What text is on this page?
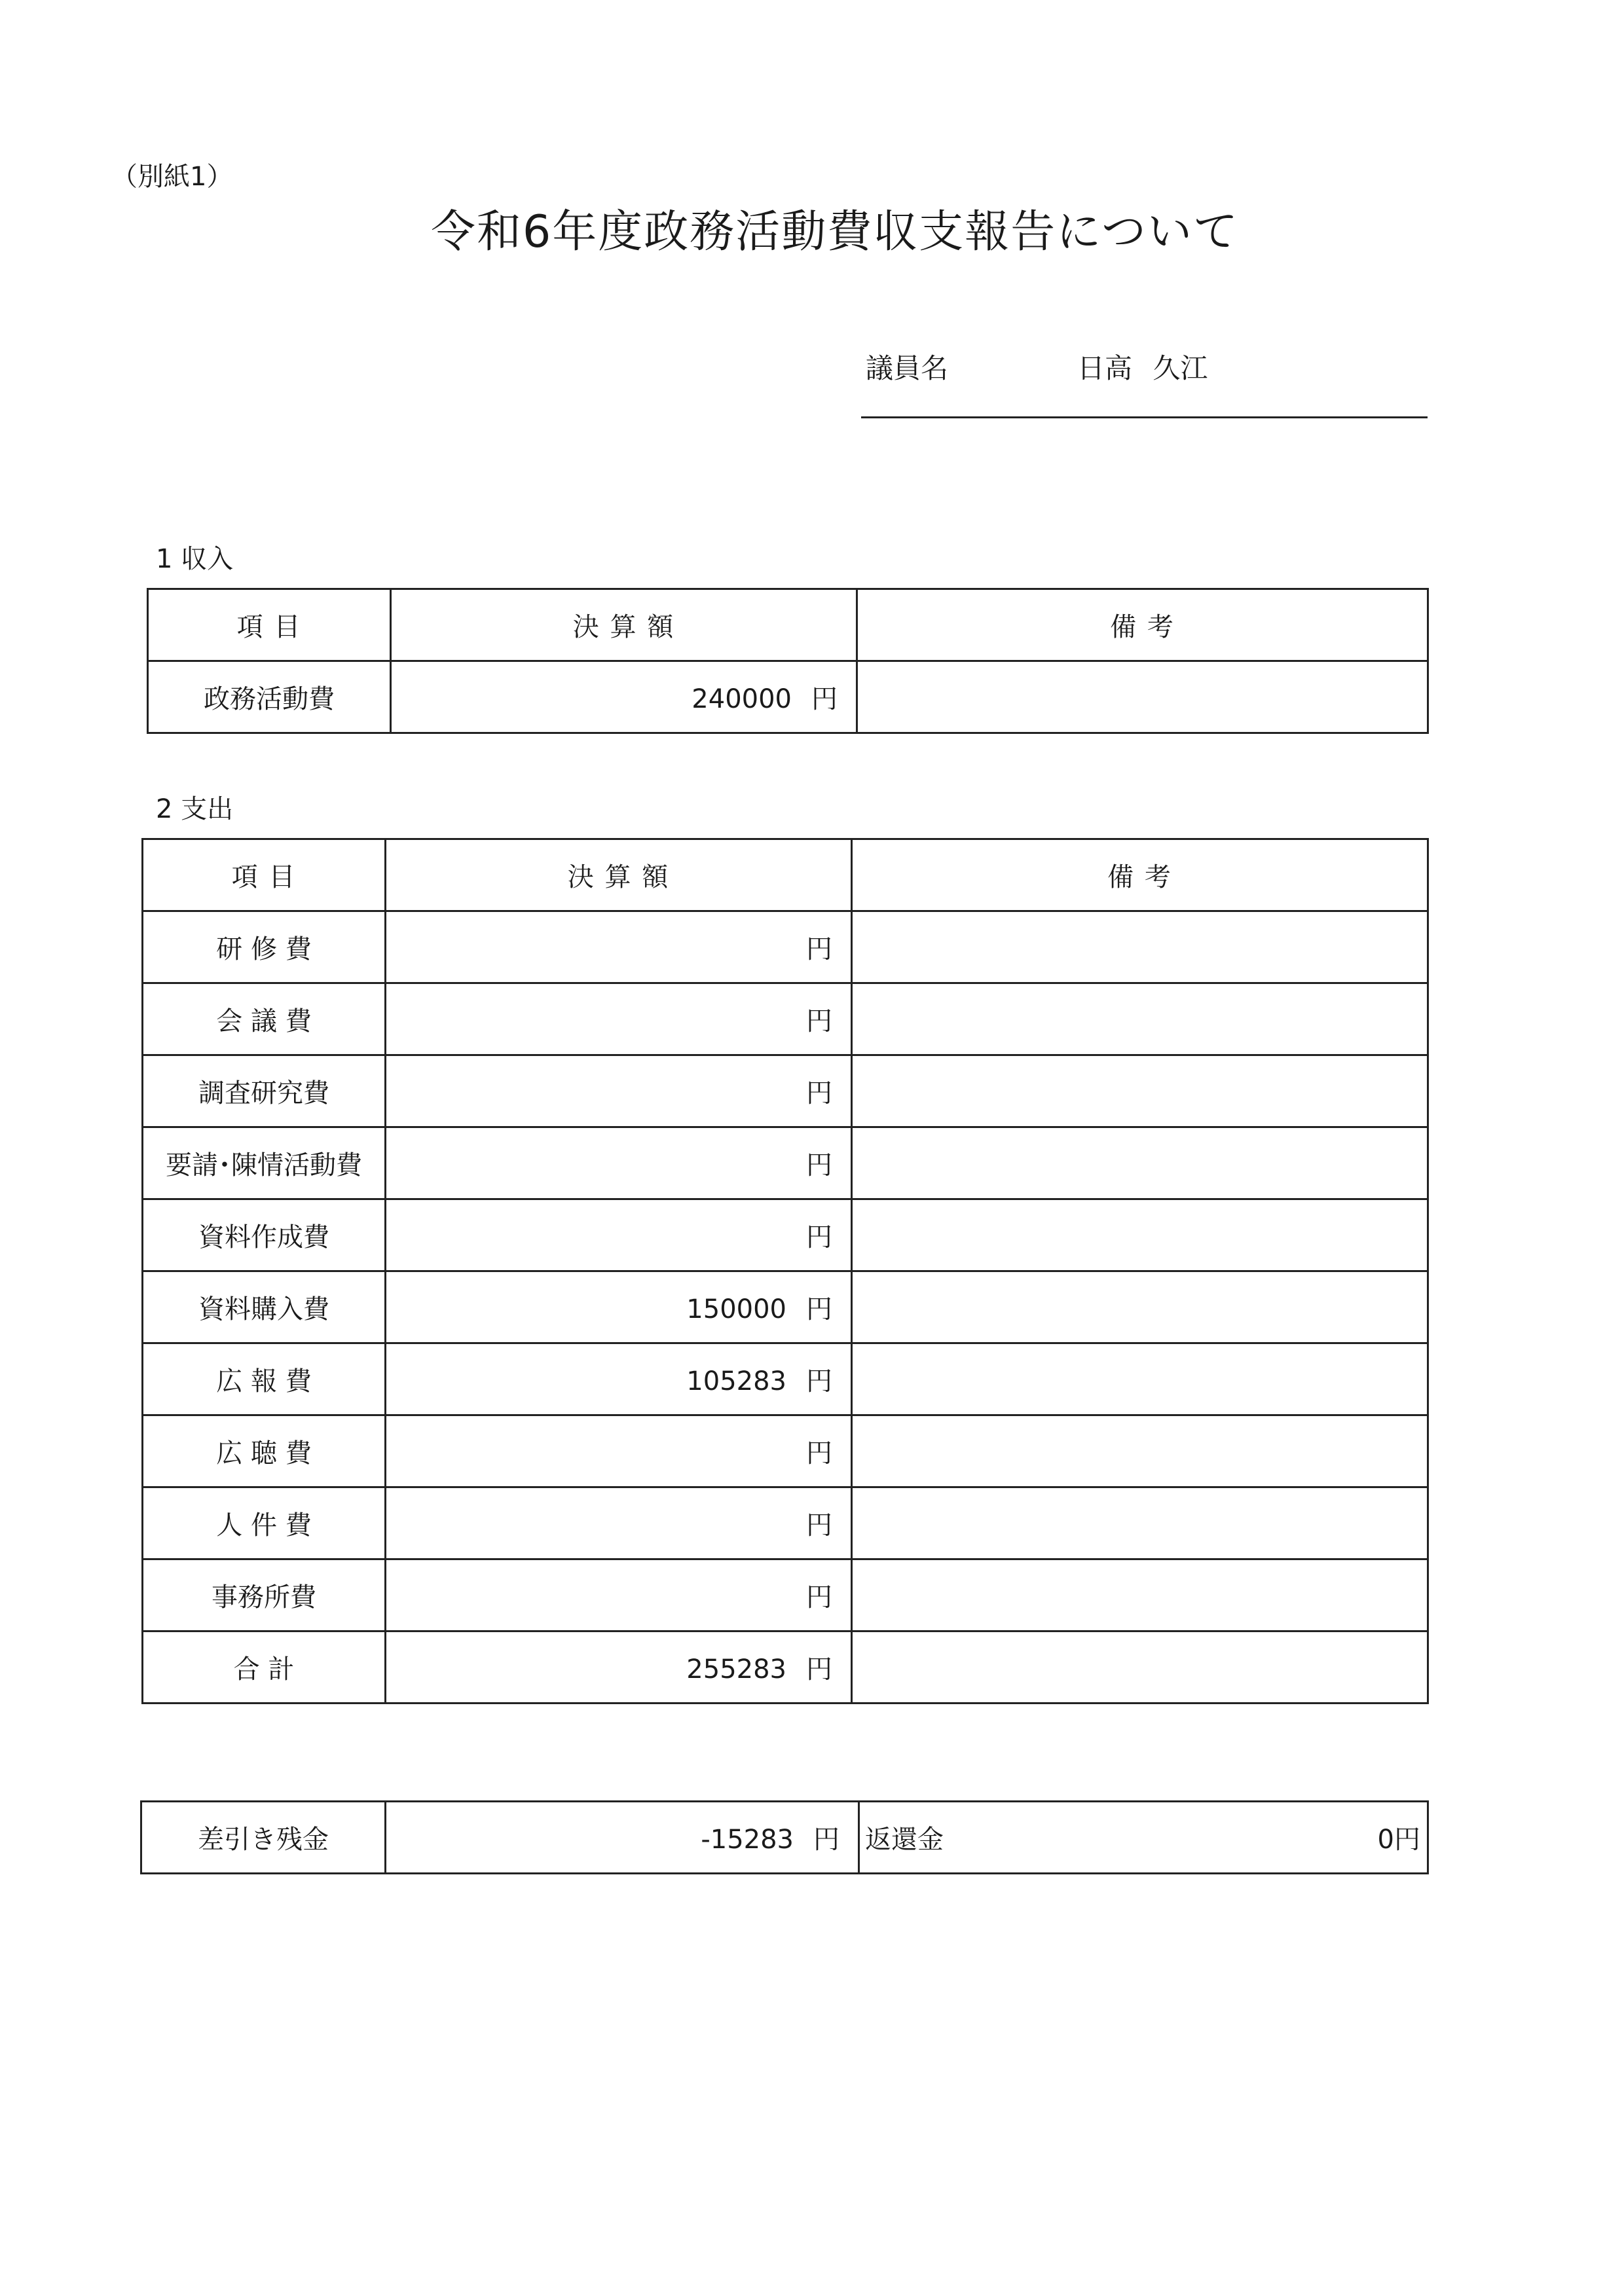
（別紙1）
令和6年度政務活動費収支報告について
議員名	日高 久江
1 収入
項 目	決 算 額	備 考
政務活動費	240000 円	
2 支出
項 目	決 算 額	備 考
研 修 費	円	
会 議 費	円	
調査研究費	円	
要請･陳情活動費	円	
資料作成費	円	
資料購入費	150000 円	
広 報 費	105283 円	
広 聴 費	円	
人 件 費	円	
事務所費	円	
合 計	255283 円	
差引き残金	-15283 円	返還金	0円
